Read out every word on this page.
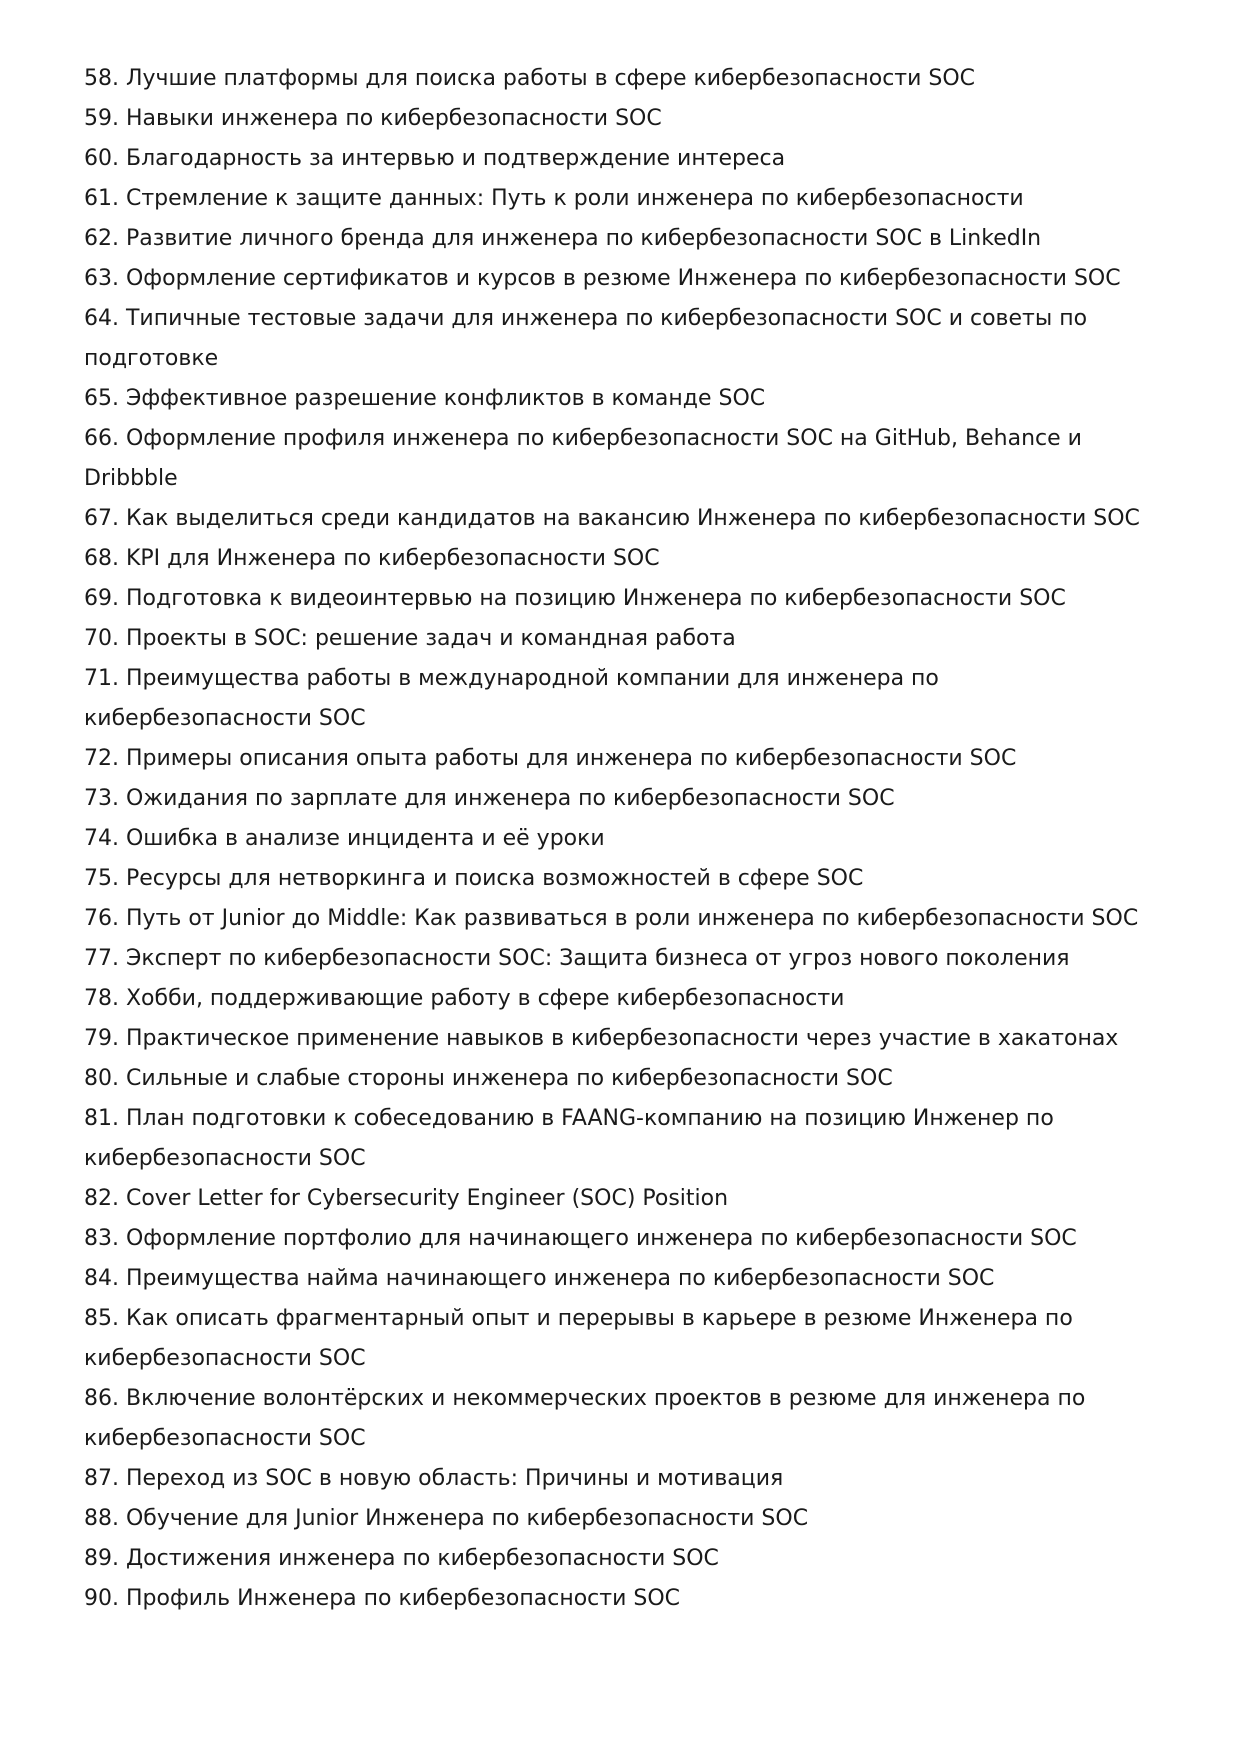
58. Лучшие платформы для поиска работы в сфере кибербезопасности SOC

59. Навыки инженера по кибербезопасности SOC

60. Благодарность за интервью и подтверждение интереса

61. Стремление к защите данных: Путь к роли инженера по кибербезопасности

62. Развитие личного бренда для инженера по кибербезопасности SOC в LinkedIn

63. Оформление сертификатов и курсов в резюме Инженера по кибербезопасности SOC

64. Типичные тестовые задачи для инженера по кибербезопасности SOC и советы по подготовке

65. Эффективное разрешение конфликтов в команде SOC

66. Оформление профиля инженера по кибербезопасности SOC на GitHub, Behance и Dribbble

67. Как выделиться среди кандидатов на вакансию Инженера по кибербезопасности SOC

68. KPI для Инженера по кибербезопасности SOC

69. Подготовка к видеоинтервью на позицию Инженера по кибербезопасности SOC

70. Проекты в SOC: решение задач и командная работа

71. Преимущества работы в международной компании для инженера по кибербезопасности SOC

72. Примеры описания опыта работы для инженера по кибербезопасности SOC

73. Ожидания по зарплате для инженера по кибербезопасности SOC

74. Ошибка в анализе инцидента и её уроки

75. Ресурсы для нетворкинга и поиска возможностей в сфере SOC

76. Путь от Junior до Middle: Как развиваться в роли инженера по кибербезопасности SOC

77. Эксперт по кибербезопасности SOC: Защита бизнеса от угроз нового поколения

78. Хобби, поддерживающие работу в сфере кибербезопасности

79. Практическое применение навыков в кибербезопасности через участие в хакатонах

80. Сильные и слабые стороны инженера по кибербезопасности SOC

81. План подготовки к собеседованию в FAANG-компанию на позицию Инженер по кибербезопасности SOC

82. Cover Letter for Cybersecurity Engineer (SOC) Position

83. Оформление портфолио для начинающего инженера по кибербезопасности SOC

84. Преимущества найма начинающего инженера по кибербезопасности SOC

85. Как описать фрагментарный опыт и перерывы в карьере в резюме Инженера по кибербезопасности SOC

86. Включение волонтёрских и некоммерческих проектов в резюме для инженера по кибербезопасности SOC

87. Переход из SOC в новую область: Причины и мотивация

88. Обучение для Junior Инженера по кибербезопасности SOC

89. Достижения инженера по кибербезопасности SOC

90. Профиль Инженера по кибербезопасности SOC
